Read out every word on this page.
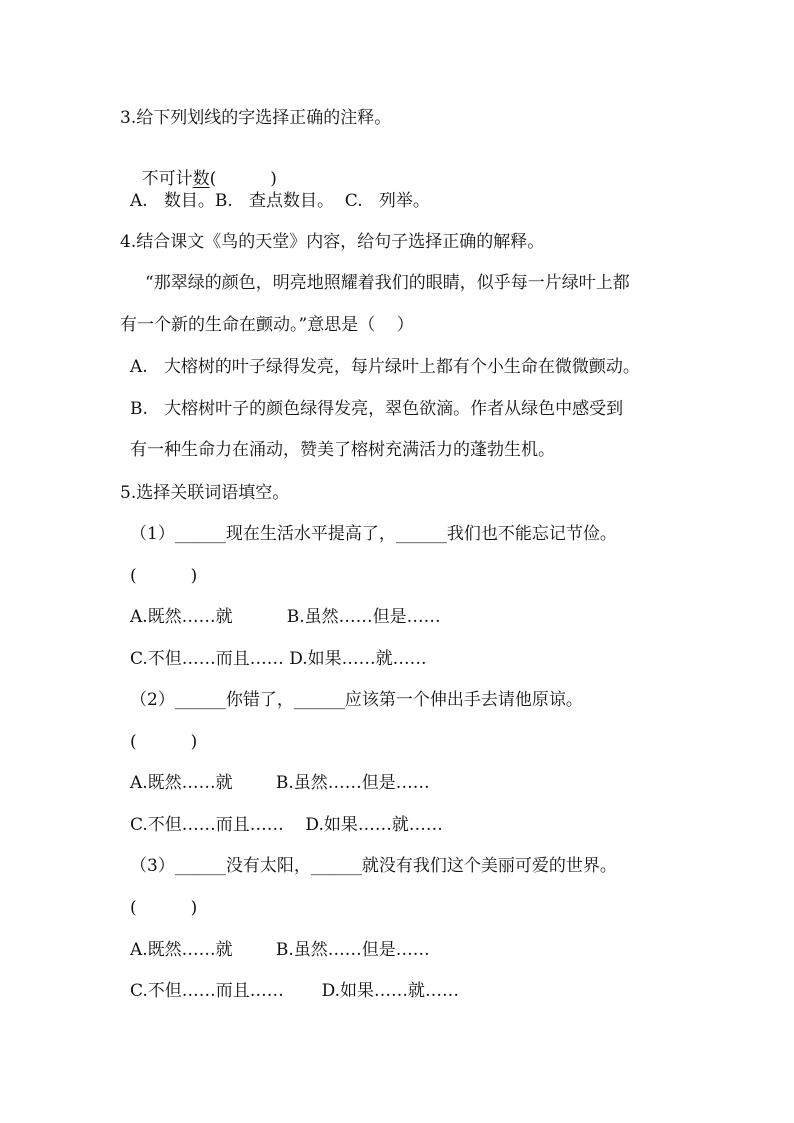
3.给下列划线的字选择正确的注释。

不可计数(          )

A.   数目。B.   查点数目。  C.   列举。
4.结合课文《鸟的天堂》内容，给句子选择正确的解释。
“那翠绿的颜色，明亮地照耀着我们的眼睛，似乎每一片绿叶上都
有一个新的生命在颤动。”意思是（    ）
A.   大榕树的叶子绿得发亮，每片绿叶上都有个小生命在微微颤动。
B.   大榕树叶子的颜色绿得发亮，翠色欲滴。作者从绿色中感受到
有一种生命力在涌动，赞美了榕树充满活力的蓬勃生机。
5.选择关联词语填空。
（1）______现在生活水平提高了，______我们也不能忘记节俭。
(          )
A.既然……就          B.虽然……但是……
C.不但……而且…… D.如果……就……
（2）______你错了，______应该第一个伸出手去请他原谅。
(          )
A.既然……就        B.虽然……但是……
C.不但……而且……    D.如果……就……
（3）______没有太阳，______就没有我们这个美丽可爱的世界。
(          )
A.既然……就        B.虽然……但是……
C.不但……而且……       D.如果……就……
